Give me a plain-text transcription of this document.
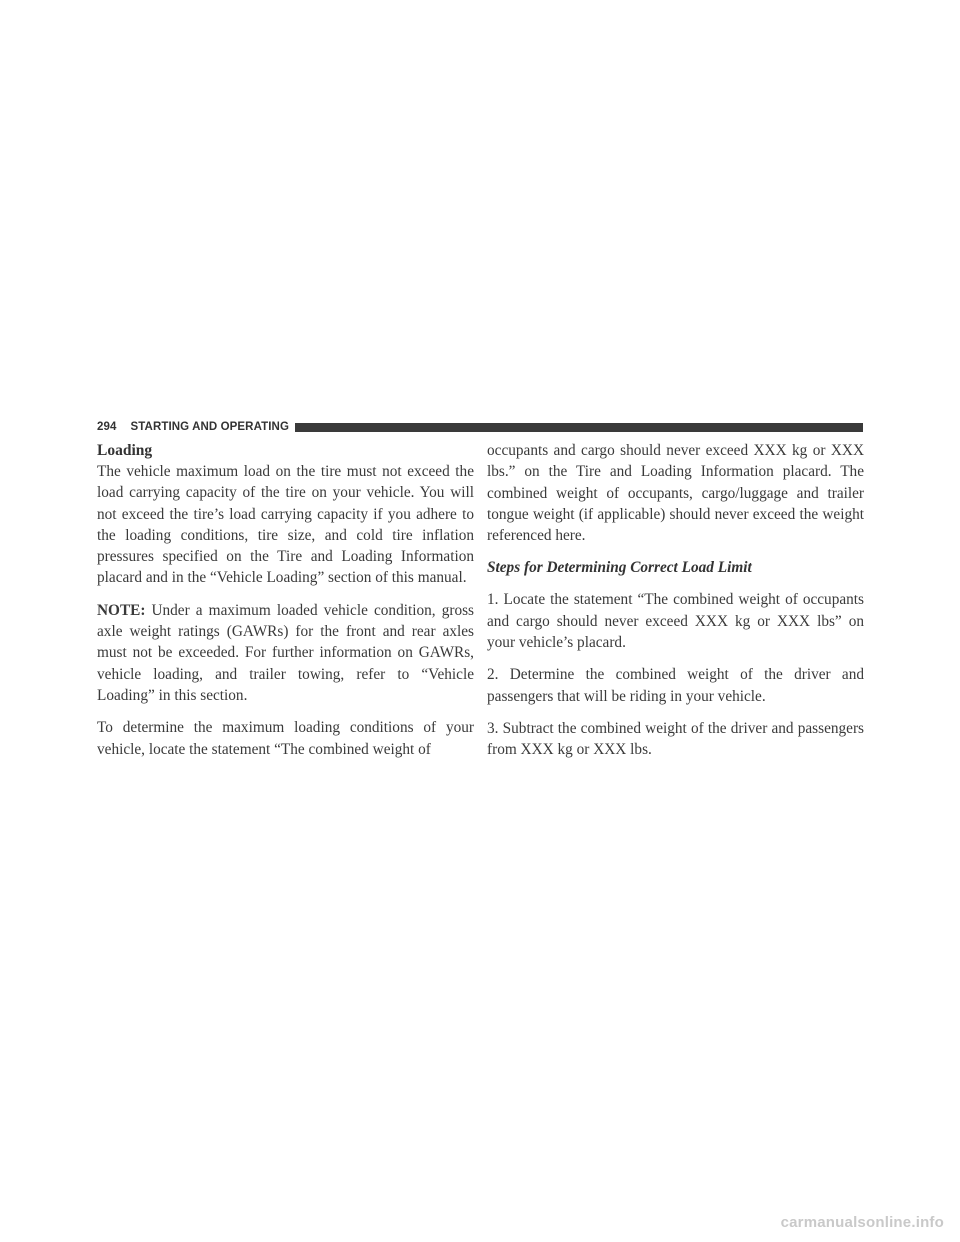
294	STARTING AND OPERATING
Loading

The vehicle maximum load on the tire must not exceed the load carrying capacity of the tire on your vehicle. You will not exceed the tire’s load carrying capacity if you adhere to the loading conditions, tire size, and cold tire inflation pressures specified on the Tire and Loading Information placard and in the “Vehicle Loading” section of this manual.

NOTE: Under a maximum loaded vehicle condition, gross axle weight ratings (GAWRs) for the front and rear axles must not be exceeded. For further information on GAWRs, vehicle loading, and trailer towing, refer to “Vehicle Loading” in this section.

To determine the maximum loading conditions of your vehicle, locate the statement “The combined weight of

occupants and cargo should never exceed XXX kg or XXX lbs.” on the Tire and Loading Information placard. The combined weight of occupants, cargo/luggage and trailer tongue weight (if applicable) should never exceed the weight referenced here.

Steps for Determining Correct Load Limit

1. Locate the statement “The combined weight of occupants and cargo should never exceed XXX kg or XXX lbs” on your vehicle’s placard.

2. Determine the combined weight of the driver and passengers that will be riding in your vehicle.

3. Subtract the combined weight of the driver and passengers from XXX kg or XXX lbs.

carmanualsonline.info
